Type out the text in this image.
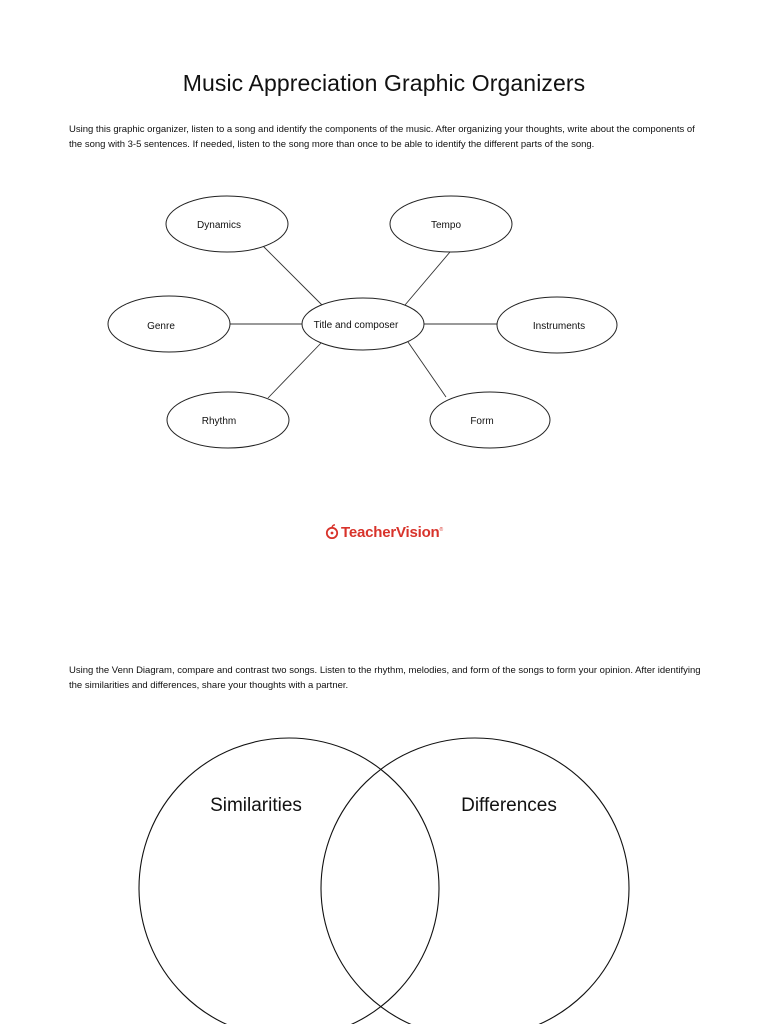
Music Appreciation Graphic Organizers

Using this graphic organizer, listen to a song and identify the components of the music. After organizing your thoughts, write about the components of the song with 3-5 sentences. If needed, listen to the song more than once to be able to identify the different parts of the song.

Dynamics	Tempo
Genre	Title and composer	Instruments
Rhythm	Form
TeacherVision®

Using the Venn Diagram, compare and contrast two songs. Listen to the rhythm, melodies, and form of the songs to form your opinion. After identifying the similarities and differences, share your thoughts with a partner.

Similarities	Differences
